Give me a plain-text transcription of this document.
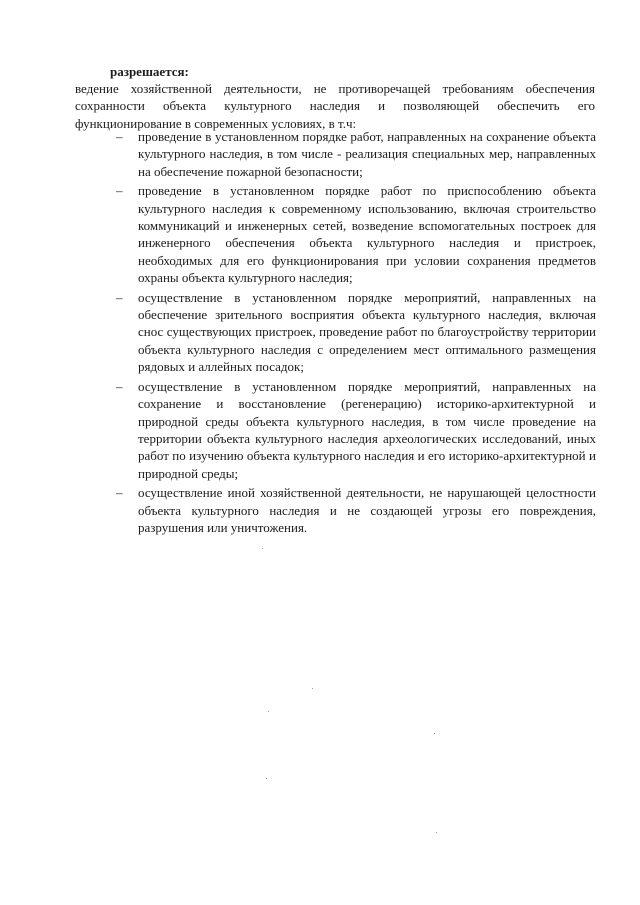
разрешается:

ведение хозяйственной деятельности, не противоречащей требованиям обеспечения сохранности объекта культурного наследия и позволяющей обеспечить его функционирование в современных условиях, в т.ч:

– проведение в установленном порядке работ, направленных на сохранение объекта культурного наследия, в том числе - реализация специальных мер, направленных на обеспечение пожарной безопасности;
– проведение в установленном порядке работ по приспособлению объекта культурного наследия к современному использованию, включая строительство коммуникаций и инженерных сетей, возведение вспомогательных построек для инженерного обеспечения объекта культурного наследия и пристроек, необходимых для его функционирования при условии сохранения предметов охраны объекта культурного наследия;
– осуществление в установленном порядке мероприятий, направленных на обеспечение зрительного восприятия объекта культурного наследия, включая снос существующих пристроек, проведение работ по благоустройству территории объекта культурного наследия с определением мест оптимального размещения рядовых и аллейных посадок;
– осуществление в установленном порядке мероприятий, направленных на сохранение и восстановление (регенерацию) историко-архитектурной и природной среды объекта культурного наследия, в том числе проведение на территории объекта культурного наследия археологических исследований, иных работ по изучению объекта культурного наследия и его историко-архитектурной и природной среды;
– осуществление иной хозяйственной деятельности, не нарушающей целостности объекта культурного наследия и не создающей угрозы его повреждения, разрушения или уничтожения.
